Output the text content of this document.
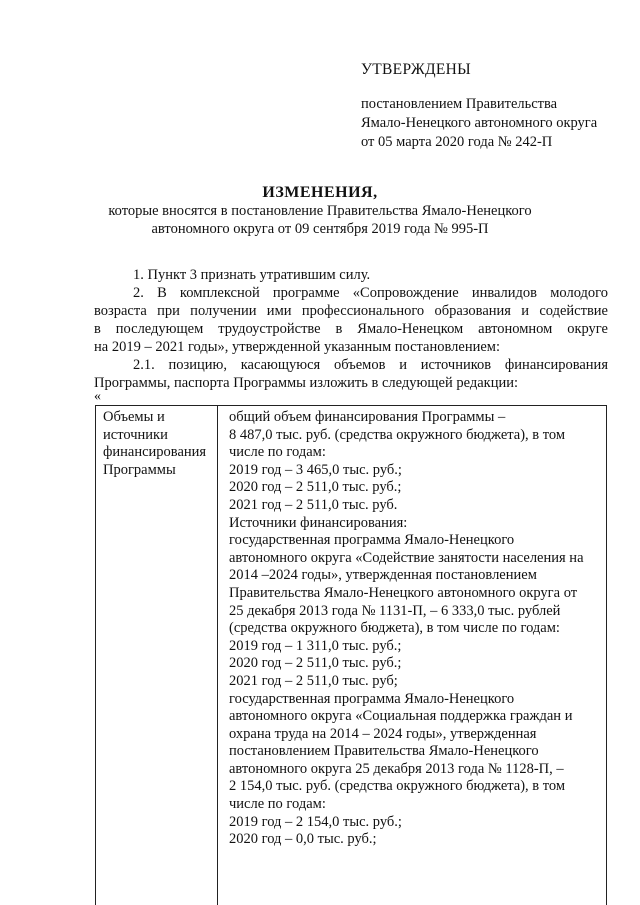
УТВЕРЖДЕНЫ
постановлением Правительства
Ямало-Ненецкого автономного округа
от 05 марта 2020 года № 242-П
ИЗМЕНЕНИЯ,
которые вносятся в постановление Правительства Ямало-Ненецкого
автономного округа от 09 сентября 2019 года № 995-П
1. Пункт 3 признать утратившим силу.
2. В комплексной программе «Сопровождение инвалидов молодого
возраста при получении ими профессионального образования и содействие
в последующем трудоустройстве в Ямало-Ненецком автономном округе
на 2019 – 2021 годы», утвержденной указанным постановлением:
2.1. позицию, касающуюся объемов и источников финансирования
Программы, паспорта Программы изложить в следующей редакции:
«
Объемы и
источники
финансирования
Программы
общий объем финансирования Программы –
8 487,0 тыс. руб. (средства окружного бюджета), в том
числе по годам:
2019 год – 3 465,0 тыс. руб.;
2020 год – 2 511,0 тыс. руб.;
2021 год – 2 511,0 тыс. руб.
Источники финансирования:
государственная программа Ямало-Ненецкого
автономного округа «Содействие занятости населения на
2014 –2024 годы», утвержденная постановлением
Правительства Ямало-Ненецкого автономного округа от
25 декабря 2013 года № 1131-П, – 6 333,0 тыс. рублей
(средства окружного бюджета), в том числе по годам:
2019 год – 1 311,0 тыс. руб.;
2020 год – 2 511,0 тыс. руб.;
2021 год – 2 511,0 тыс. руб;
государственная программа Ямало-Ненецкого
автономного округа «Социальная поддержка граждан и
охрана труда на 2014 – 2024 годы», утвержденная
постановлением Правительства Ямало-Ненецкого
автономного округа 25 декабря 2013 года № 1128-П, –
2 154,0 тыс. руб. (средства окружного бюджета), в том
числе по годам:
2019 год – 2 154,0 тыс. руб.;
2020 год – 0,0 тыс. руб.;
